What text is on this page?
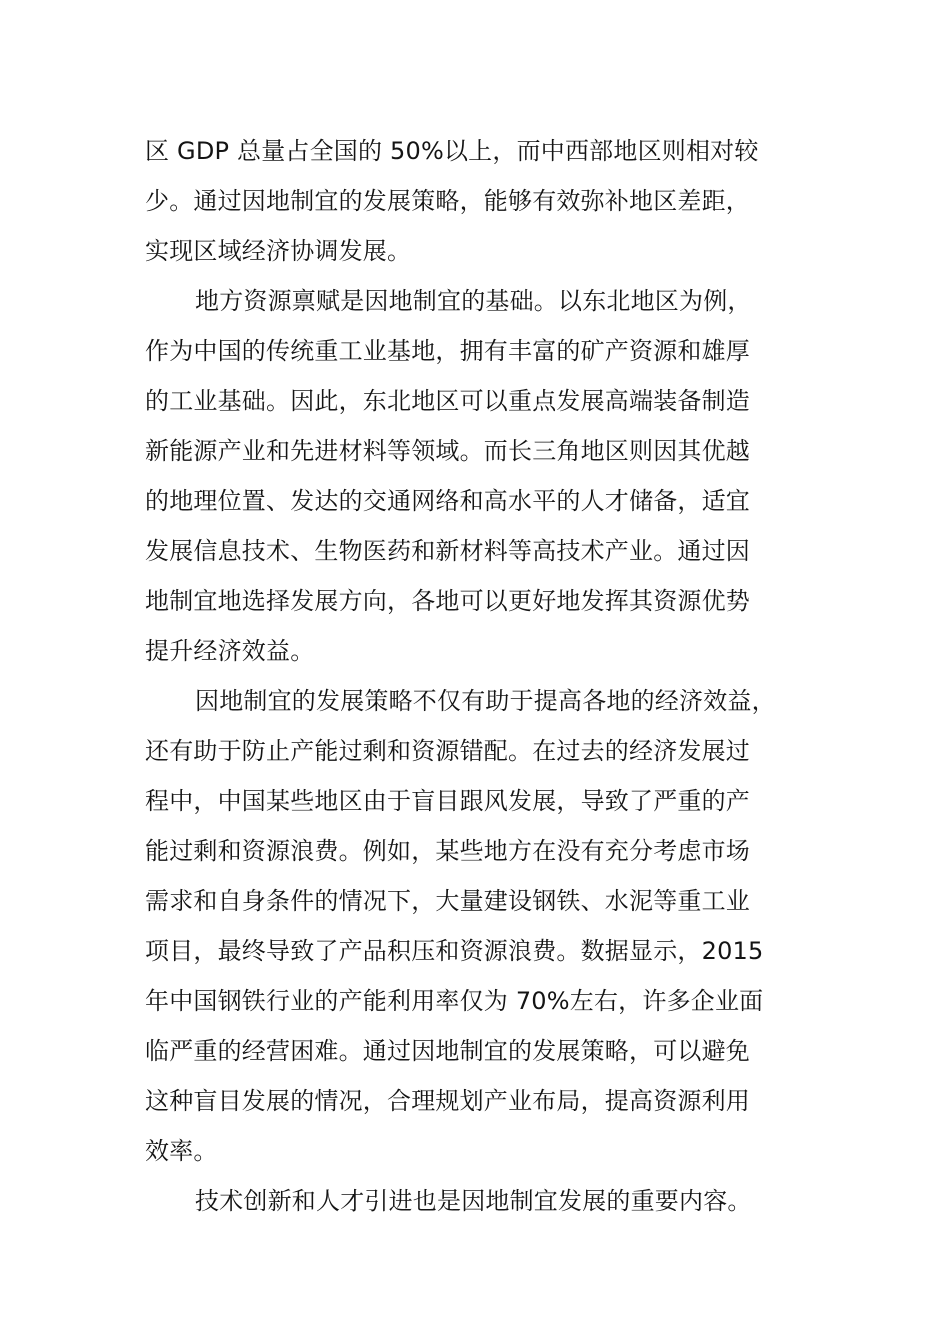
区 GDP 总量占全国的 50%以上，而中西部地区则相对较
少。通过因地制宜的发展策略，能够有效弥补地区差距，
实现区域经济协调发展。
地方资源禀赋是因地制宜的基础。以东北地区为例，
作为中国的传统重工业基地，拥有丰富的矿产资源和雄厚
的工业基础。因此，东北地区可以重点发展高端装备制造
新能源产业和先进材料等领域。而长三角地区则因其优越
的地理位置、发达的交通网络和高水平的人才储备，适宜
发展信息技术、生物医药和新材料等高技术产业。通过因
地制宜地选择发展方向，各地可以更好地发挥其资源优势
提升经济效益。
因地制宜的发展策略不仅有助于提高各地的经济效益，
还有助于防止产能过剩和资源错配。在过去的经济发展过
程中，中国某些地区由于盲目跟风发展，导致了严重的产
能过剩和资源浪费。例如，某些地方在没有充分考虑市场
需求和自身条件的情况下，大量建设钢铁、水泥等重工业
项目，最终导致了产品积压和资源浪费。数据显示，2015
年中国钢铁行业的产能利用率仅为 70%左右，许多企业面
临严重的经营困难。通过因地制宜的发展策略，可以避免
这种盲目发展的情况，合理规划产业布局，提高资源利用
效率。
技术创新和人才引进也是因地制宜发展的重要内容。
